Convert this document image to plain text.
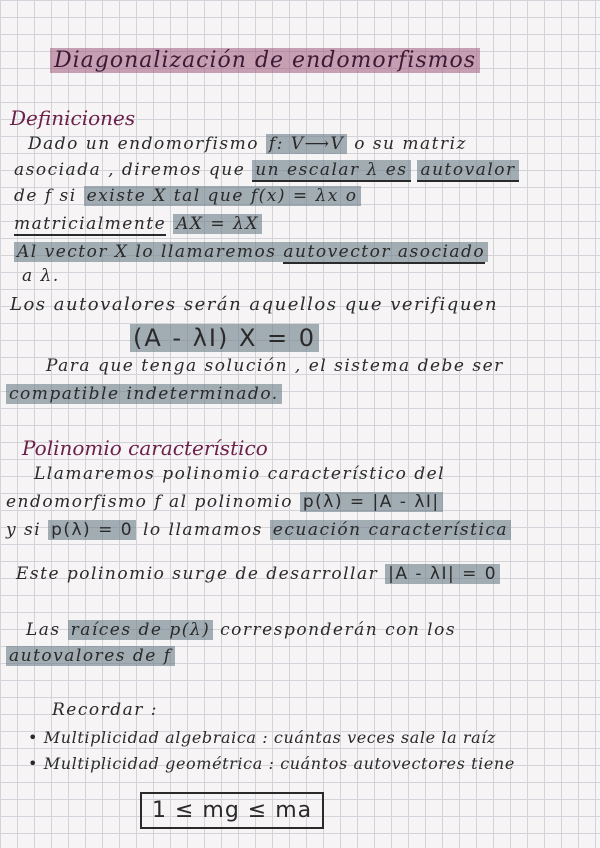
Diagonalización de endomorfismos
Definiciones
Dado un endomorfismo f: V⟶V o su matriz
asociada , diremos que un escalar λ es autovalor
de f si existe X tal que f(x) = λx o
matricialmente AX = λX
Al vector X lo llamaremos autovector asociado
a λ.
Los autovalores serán aquellos que verifiquen
(A - λI) X = 0
Para que tenga solución , el sistema debe ser
compatible indeterminado.
Polinomio característico
Llamaremos polinomio característico del
endomorfismo f al polinomio p(λ) = |A - λI|
y si p(λ) = 0 lo llamamos ecuación característica
Este polinomio surge de desarrollar |A - λI| = 0
Las raíces de p(λ) corresponderán con los
autovalores de f
Recordar :
• Multiplicidad algebraica : cuántas veces sale la raíz
• Multiplicidad geométrica : cuántos autovectores tiene
1 ≤ mg ≤ ma
